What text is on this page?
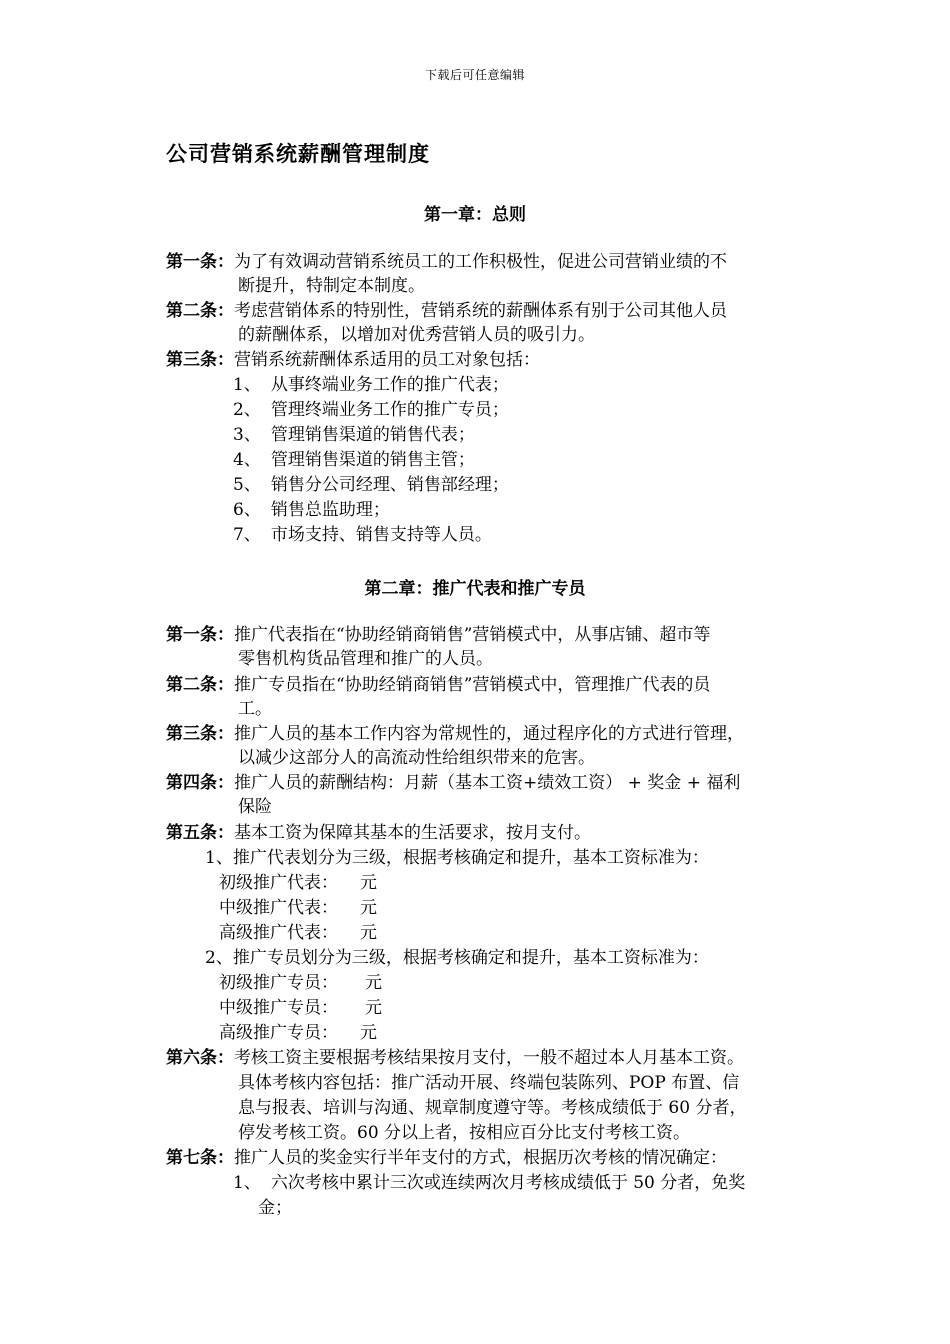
下载后可任意编辑
公司营销系统薪酬管理制度
第一章：总则
第一条：为了有效调动营销系统员工的工作积极性，促进公司营销业绩的不
断提升，特制定本制度。
第二条：考虑营销体系的特别性，营销系统的薪酬体系有别于公司其他人员
的薪酬体系，以增加对优秀营销人员的吸引力。
第三条：营销系统薪酬体系适用的员工对象包括：
1、 从事终端业务工作的推广代表；
2、 管理终端业务工作的推广专员；
3、 管理销售渠道的销售代表；
4、 管理销售渠道的销售主管；
5、 销售分公司经理、销售部经理；
6、 销售总监助理；
7、 市场支持、销售支持等人员。
第二章：推广代表和推广专员
第一条：推广代表指在“协助经销商销售”营销模式中，从事店铺、超市等
零售机构货品管理和推广的人员。
第二条：推广专员指在“协助经销商销售”营销模式中，管理推广代表的员
工。
第三条：推广人员的基本工作内容为常规性的，通过程序化的方式进行管理，
以减少这部分人的高流动性给组织带来的危害。
第四条：推广人员的薪酬结构：月薪（基本工资+绩效工资） + 奖金 + 福利
保险
第五条：基本工资为保障其基本的生活要求，按月支付。
1、推广代表划分为三级，根据考核确定和提升，基本工资标准为：
初级推广代表： 元
中级推广代表： 元
高级推广代表： 元
2、推广专员划分为三级，根据考核确定和提升，基本工资标准为：
初级推广专员： 元
中级推广专员： 元
高级推广专员： 元
第六条：考核工资主要根据考核结果按月支付，一般不超过本人月基本工资。
具体考核内容包括：推广活动开展、终端包装陈列、POP 布置、信
息与报表、培训与沟通、规章制度遵守等。考核成绩低于 60 分者，
停发考核工资。60 分以上者，按相应百分比支付考核工资。
第七条：推广人员的奖金实行半年支付的方式，根据历次考核的情况确定：
1、 六次考核中累计三次或连续两次月考核成绩低于 50 分者，免奖
金；
